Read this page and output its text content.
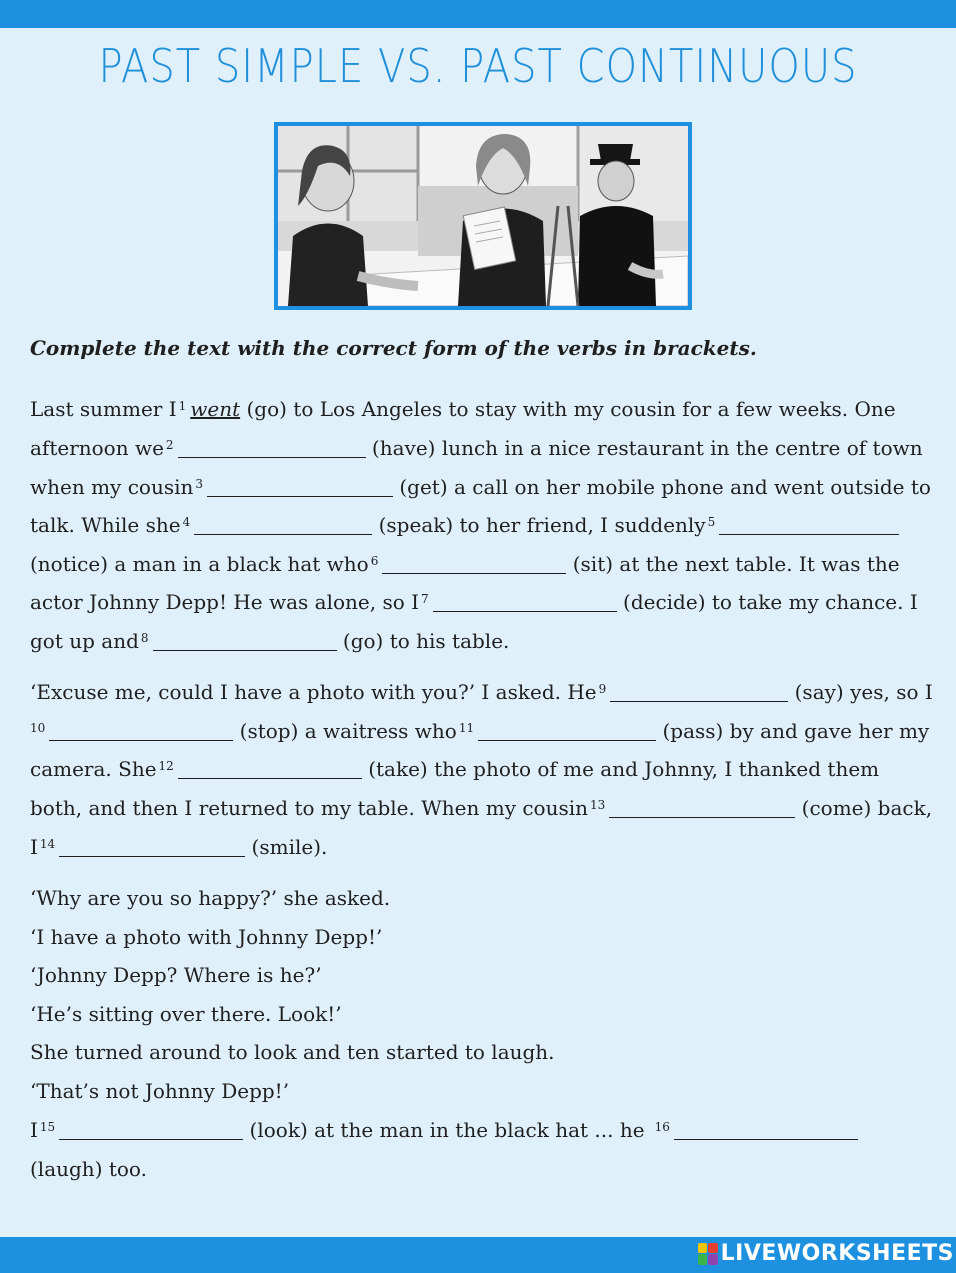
PAST SIMPLE VS. PAST CONTINUOUS
Complete the text with the correct form of the verbs in brackets.
Last summer I $^1$ went (go) to Los Angeles to stay with my cousin for a few weeks. One
afternoon we $^2$	(have) lunch in a nice restaurant in the centre of town
when my cousin $^3$	(get) a call on her mobile phone and went outside to
talk. While she $^4$	(speak) to her friend, I suddenly $^5$
(notice) a man in a black hat who $^6$	(sit) at the next table. It was the
actor Johnny Depp! He was alone, so I $^7$	(decide) to take my chance. I
got up and $^8$	(go) to his table.
‘Excuse me, could I have a photo with you?’ I asked. He $^9$	(say) yes, so I
$^{10}$	(stop) a waitress who $^{11}$	(pass) by and gave her my
camera. She $^{12}$	(take) the photo of me and Johnny, I thanked them
both, and then I returned to my table. When my cousin $^{13}$	(come) back,
I $^{14}$	(smile).
‘Why are you so happy?’ she asked.
‘I have a photo with Johnny Depp!’
‘Johnny Depp? Where is he?’
‘He’s sitting over there. Look!’
She turned around to look and ten started to laugh.
‘That’s not Johnny Depp!’
I $^{15}$	(look) at the man in the black hat ... he $^{16}$
(laugh) too.
LIVEWORKSHEETS
